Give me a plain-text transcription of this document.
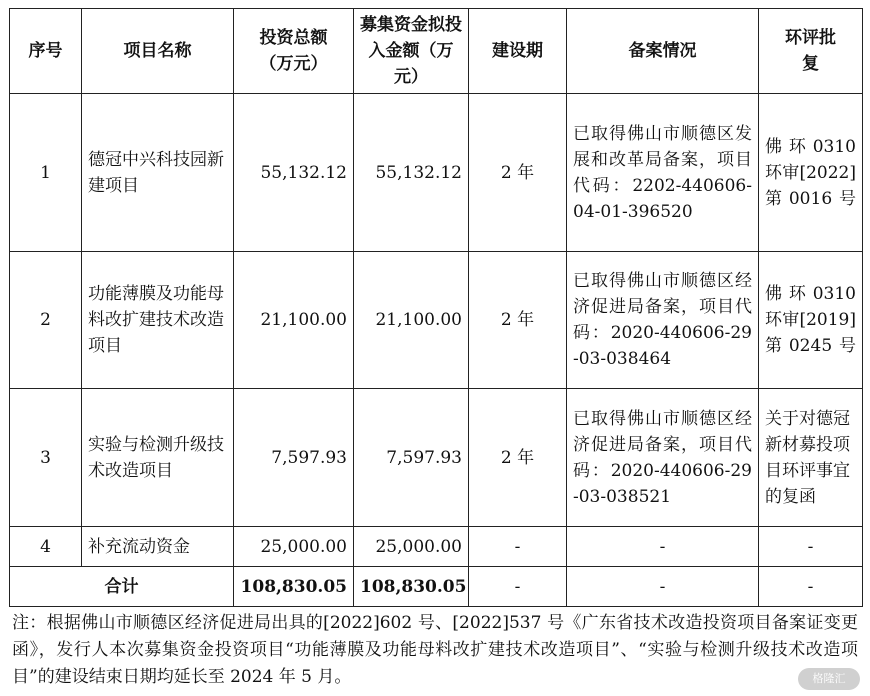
序号	项目名称	投资总额（万元）	募集资金拟投入金额（万元）	建设期	备案情况	环评批复
1	德冠中兴科技园新建项目	55,132.12	55,132.12	2 年	已取得佛山市顺德区发展和改革局备案，项目代码：2202-440606-04-01-396520	佛环0310环审[2022]第0016号
2	功能薄膜及功能母料改扩建技术改造项目	21,100.00	21,100.00	2 年	已取得佛山市顺德区经济促进局备案，项目代码：2020-440606-29-03-038464	佛环0310环审[2019]第0245号
3	实验与检测升级技术改造项目	7,597.93	7,597.93	2 年	已取得佛山市顺德区经济促进局备案，项目代码：2020-440606-29-03-038521	关于对德冠新材募投项目环评事宜的复函
4	补充流动资金	25,000.00	25,000.00	-	-	-
合计		108,830.05	108,830.05	-	-	-
注：根据佛山市顺德区经济促进局出具的[2022]602 号、[2022]537 号《广东省技术改造投资项目备案证变更函》，发行人本次募集资金投资项目“功能薄膜及功能母料改扩建技术改造项目”、“实验与检测升级技术改造项目”的建设结束日期均延长至 2024 年 5 月。	格隆汇
